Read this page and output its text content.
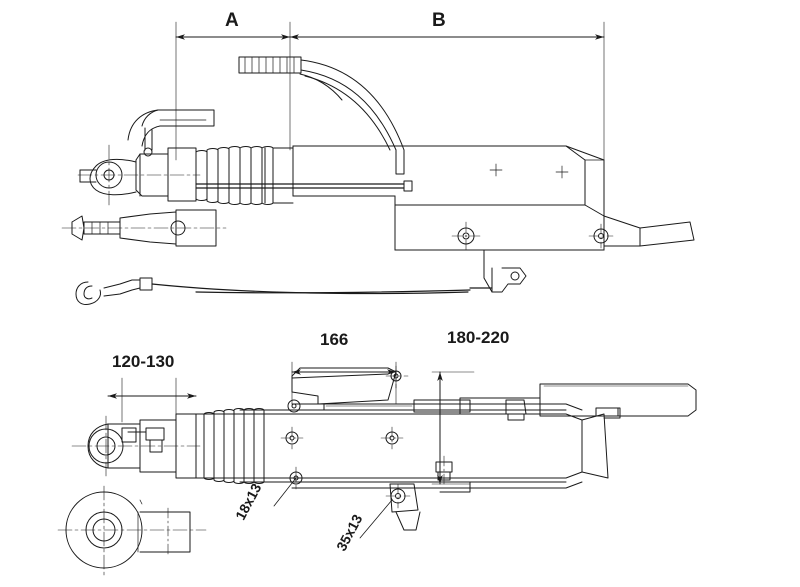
A	B
120-130
166	180-220
18x13
35x13
